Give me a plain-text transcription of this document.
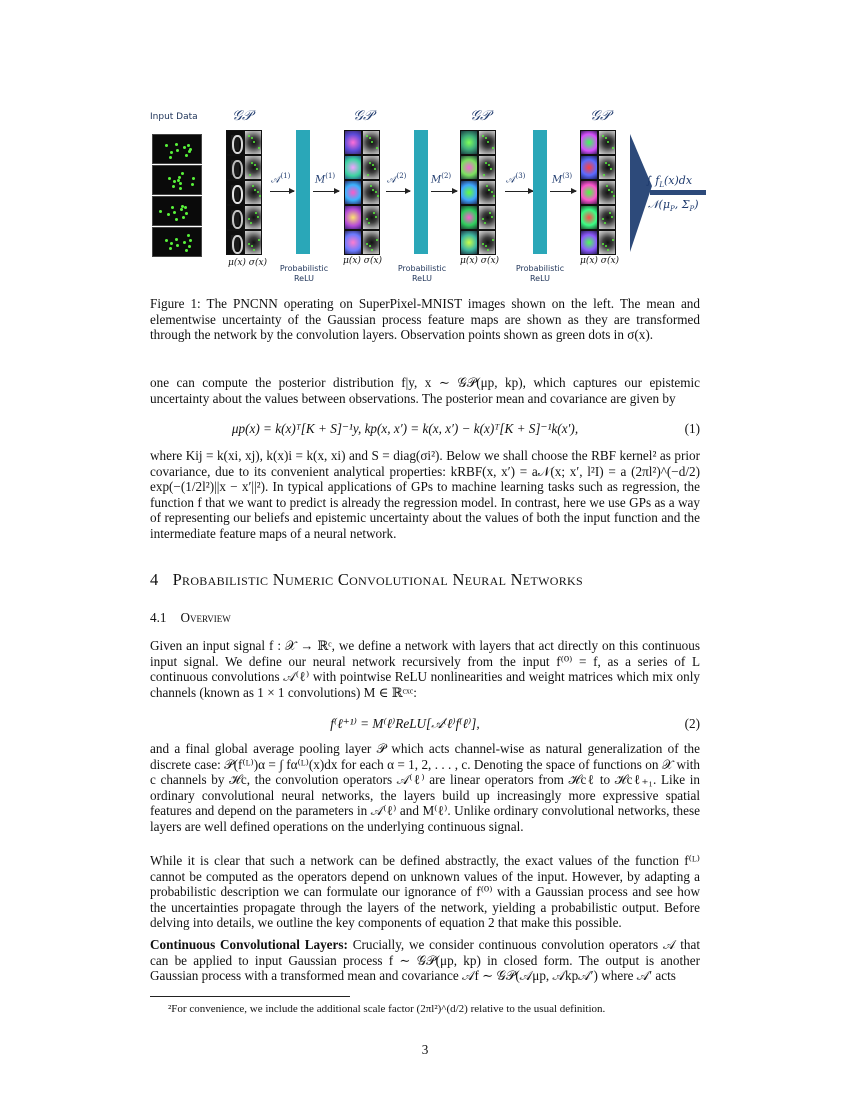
Input Data 𝒢𝒫	𝒢𝒫	𝒢𝒫	𝒢𝒫
μ(x) σ(x)	μ(x) σ(x)	μ(x) σ(x)	μ(x) σ(x)
𝒜$^{(1)}$
Probabilistic
ReLU
$M^{(1)}$	𝒜$^{(2)}$
Probabilistic
ReLU
$M^{(2)}$	𝒜$^{(3)}$
Probabilistic
ReLU
$M^{(3)}$	∫ $f_L(x)dx$
$𝒩(\mu_P$, $\Sigma_P$)
Figure 1: The PNCNN operating on SuperPixel-MNIST images shown on the left. The mean and elementwise uncertainty of the Gaussian process feature maps are shown as they are transformed through the network by the convolution layers. Observation points shown as green dots in σ(x).
one can compute the posterior distribution f|y, x ∼ 𝒢𝒫(μp, kp), which captures our epistemic uncertainty about the values between observations. The posterior mean and covariance are given by
μp(x) = k(x)ᵀ[K + S]⁻¹y, kp(x, x′) = k(x, x′) − k(x)ᵀ[K + S]⁻¹k(x′),	(1)
where Kij = k(xi, xj), k(x)i = k(x, xi) and S = diag(σi²). Below we shall choose the RBF kernel² as prior covariance, due to its convenient analytical properties: kRBF(x, x′) = a𝒩(x; x′, l²I) = a (2πl²)^(−d/2) exp(−(1/2l²)||x − x′||²). In typical applications of GPs to machine learning tasks such as regression, the function f that we want to predict is already the regression model. In contrast, here we use GPs as a way of representing our beliefs and epistemic uncertainty about the values of both the input function and the intermediate feature maps of a neural network.
4 Probabilistic Numeric Convolutional Neural Networks
4.1 Overview
Given an input signal f : 𝒳 → ℝᶜ, we define a network with layers that act directly on this continuous input signal. We define our neural network recursively from the input f⁽⁰⁾ = f, as a series of L continuous convolutions 𝒜⁽ℓ⁾ with pointwise ReLU nonlinearities and weight matrices which mix only channels (known as 1 × 1 convolutions) M ∈ ℝᶜˣᶜ:
f⁽ℓ⁺¹⁾ = M⁽ℓ⁾ReLU[𝒜⁽ℓ⁾f⁽ℓ⁾],	(2)
and a final global average pooling layer 𝒫 which acts channel-wise as natural generalization of the discrete case: 𝒫(f⁽ᴸ⁾)α = ∫ fα⁽ᴸ⁾(x)dx for each α = 1, 2, . . . , c. Denoting the space of functions on 𝒳 with c channels by ℋc, the convolution operators 𝒜⁽ℓ⁾ are linear operators from ℋcℓ to ℋcℓ₊₁. Like in ordinary convolutional neural networks, the layers build up increasingly more expressive spatial features and depend on the parameters in 𝒜⁽ℓ⁾ and M⁽ℓ⁾. Unlike ordinary convolutional networks, these layers are well defined operations on the underlying continuous signal.
While it is clear that such a network can be defined abstractly, the exact values of the function f⁽ᴸ⁾ cannot be computed as the operators depend on unknown values of the input. However, by adapting a probabilistic description we can formulate our ignorance of f⁽⁰⁾ with a Gaussian process and see how the uncertainties propagate through the layers of the network, yielding a probabilistic output. Before delving into details, we outline the key components of equation 2 that make this possible.
Continuous Convolutional Layers: Crucially, we consider continuous convolution operators 𝒜 that can be applied to input Gaussian process f ∼ 𝒢𝒫(μp, kp) in closed form. The output is another Gaussian process with a transformed mean and covariance 𝒜f ∼ 𝒢𝒫(𝒜μp, 𝒜kp𝒜′) where 𝒜′ acts
²For convenience, we include the additional scale factor (2πl²)^(d/2) relative to the usual definition.
3
